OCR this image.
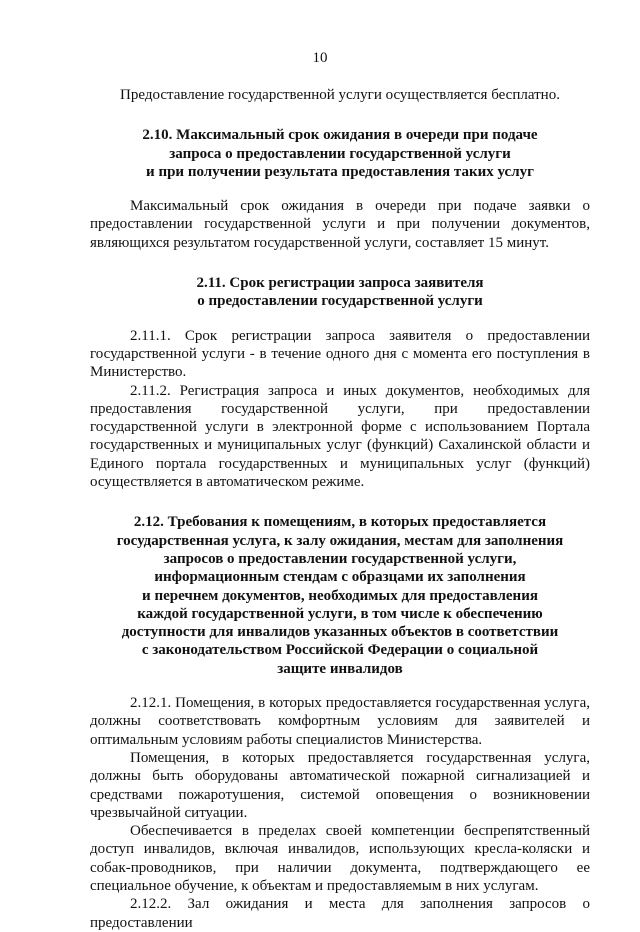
10

Предоставление государственной услуги осуществляется бесплатно.

2.10. Максимальный срок ожидания в очереди при подаче
запроса о предоставлении государственной услуги
и при получении результата предоставления таких услуг

Максимальный срок ожидания в очереди при подаче заявки о предоставлении государственной услуги и при получении документов, являющихся результатом государственной услуги, составляет 15 минут.

2.11. Срок регистрации запроса заявителя
о предоставлении государственной услуги

2.11.1. Срок регистрации запроса заявителя о предоставлении государственной услуги - в течение одного дня с момента его поступления в Министерство.

2.11.2. Регистрация запроса и иных документов, необходимых для предоставления государственной услуги, при предоставлении государственной услуги в электронной форме с использованием Портала государственных и муниципальных услуг (функций) Сахалинской области и Единого портала государственных и муниципальных услуг (функций) осуществляется в автоматическом режиме.

2.12. Требования к помещениям, в которых предоставляется
государственная услуга, к залу ожидания, местам для заполнения
запросов о предоставлении государственной услуги,
информационным стендам с образцами их заполнения
и перечнем документов, необходимых для предоставления
каждой государственной услуги, в том числе к обеспечению
доступности для инвалидов указанных объектов в соответствии
с законодательством Российской Федерации о социальной
защите инвалидов

2.12.1. Помещения, в которых предоставляется государственная услуга, должны соответствовать комфортным условиям для заявителей и оптимальным условиям работы специалистов Министерства.

Помещения, в которых предоставляется государственная услуга, должны быть оборудованы автоматической пожарной сигнализацией и средствами пожаротушения, системой оповещения о возникновении чрезвычайной ситуации.

Обеспечивается в пределах своей компетенции беспрепятственный доступ инвалидов, включая инвалидов, использующих кресла-коляски и собак-проводников, при наличии документа, подтверждающего ее специальное обучение, к объектам и предоставляемым в них услугам.

2.12.2. Зал ожидания и места для заполнения запросов о предоставлении
